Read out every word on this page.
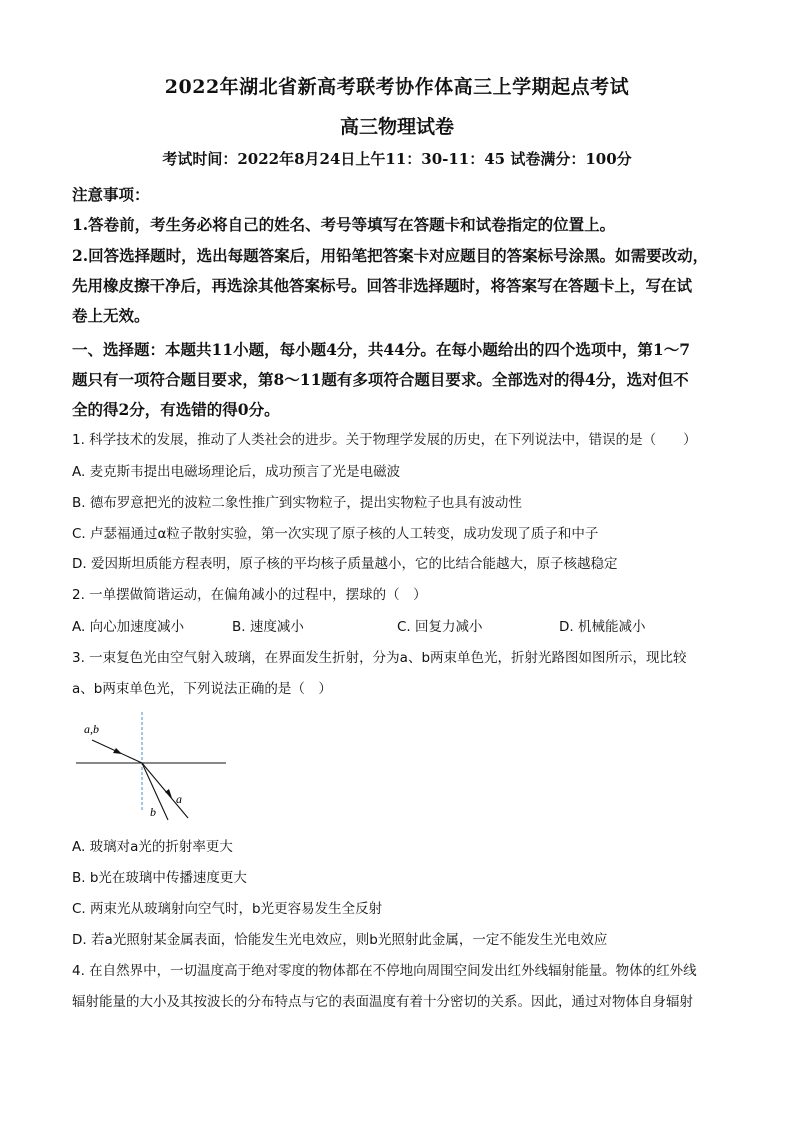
2022年湖北省新高考联考协作体高三上学期起点考试
高三物理试卷
考试时间：2022年8月24日上午11：30-11：45 试卷满分：100分
注意事项：
1.答卷前，考生务必将自己的姓名、考号等填写在答题卡和试卷指定的位置上。
2.回答选择题时，选出每题答案后，用铅笔把答案卡对应题目的答案标号涂黑。如需要改动，
先用橡皮擦干净后，再选涂其他答案标号。回答非选择题时，将答案写在答题卡上，写在试
卷上无效。
一、选择题：本题共11小题，每小题4分，共44分。在每小题给出的四个选项中，第1～7
题只有一项符合题目要求，第8～11题有多项符合题目要求。全部选对的得4分，选对但不
全的得2分，有选错的得0分。
1. 科学技术的发展，推动了人类社会的进步。关于物理学发展的历史，在下列说法中，错误的是（　　）
A. 麦克斯韦提出电磁场理论后，成功预言了光是电磁波
B. 德布罗意把光的波粒二象性推广到实物粒子，提出实物粒子也具有波动性
C. 卢瑟福通过α粒子散射实验，第一次实现了原子核的人工转变，成功发现了质子和中子
D. 爱因斯坦质能方程表明，原子核的平均核子质量越小，它的比结合能越大，原子核越稳定
2. 一单摆做简谐运动，在偏角减小的过程中，摆球的（　）
A. 向心加速度减小	B. 速度减小	C. 回复力减小	D. 机械能减小
3. 一束复色光由空气射入玻璃，在界面发生折射，分为a、b两束单色光，折射光路图如图所示，现比较
a、b两束单色光，下列说法正确的是（　）
a,b
a
b
A. 玻璃对a光的折射率更大
B. b光在玻璃中传播速度更大
C. 两束光从玻璃射向空气时，b光更容易发生全反射
D. 若a光照射某金属表面，恰能发生光电效应，则b光照射此金属，一定不能发生光电效应
4. 在自然界中，一切温度高于绝对零度的物体都在不停地向周围空间发出红外线辐射能量。物体的红外线
辐射能量的大小及其按波长的分布特点与它的表面温度有着十分密切的关系。因此，通过对物体自身辐射
